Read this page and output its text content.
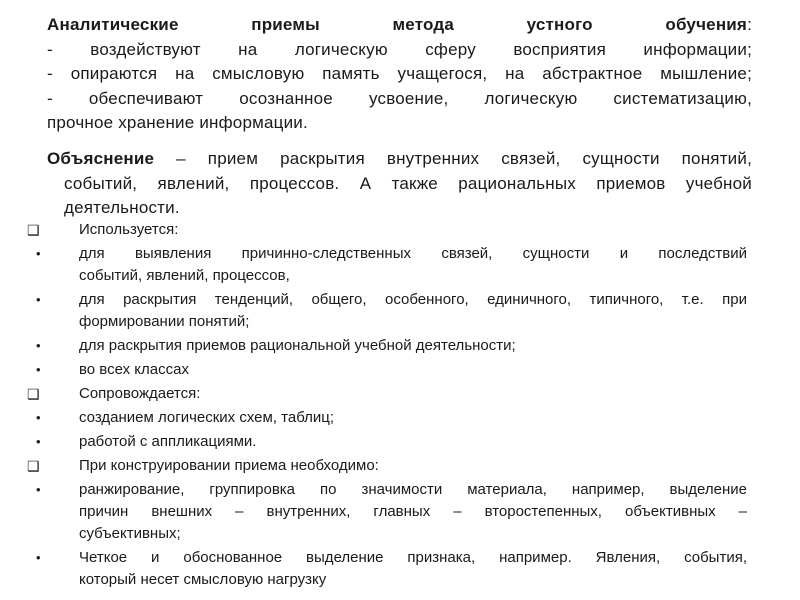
Аналитические приемы метода устного обучения:
- воздействуют на логическую сферу восприятия информации;
- опираются на смысловую память учащегося, на абстрактное мышление;
- обеспечивают осознанное усвоение, логическую систематизацию,
прочное хранение информации.
Объяснение – прием раскрытия внутренних связей, сущности понятий,
событий, явлений, процессов. А также рациональных приемов учебной
деятельности.
❑	Используется:
•	для выявления причинно-следственных связей, сущности и последствий
событий, явлений, процессов,
•	для раскрытия тенденций, общего, особенного, единичного, типичного, т.е. при
формировании понятий;
•	для раскрытия приемов рациональной учебной деятельности;
•	во всех классах
❑	Сопровождается:
•	созданием логических схем, таблиц;
•	работой с аппликациями.
❑	При конструировании приема необходимо:
•	ранжирование, группировка по значимости материала, например, выделение
причин внешних – внутренних, главных – второстепенных, объективных –
субъективных;
•	Четкое и обоснованное выделение признака, например. Явления, события,
который несет смысловую нагрузку
